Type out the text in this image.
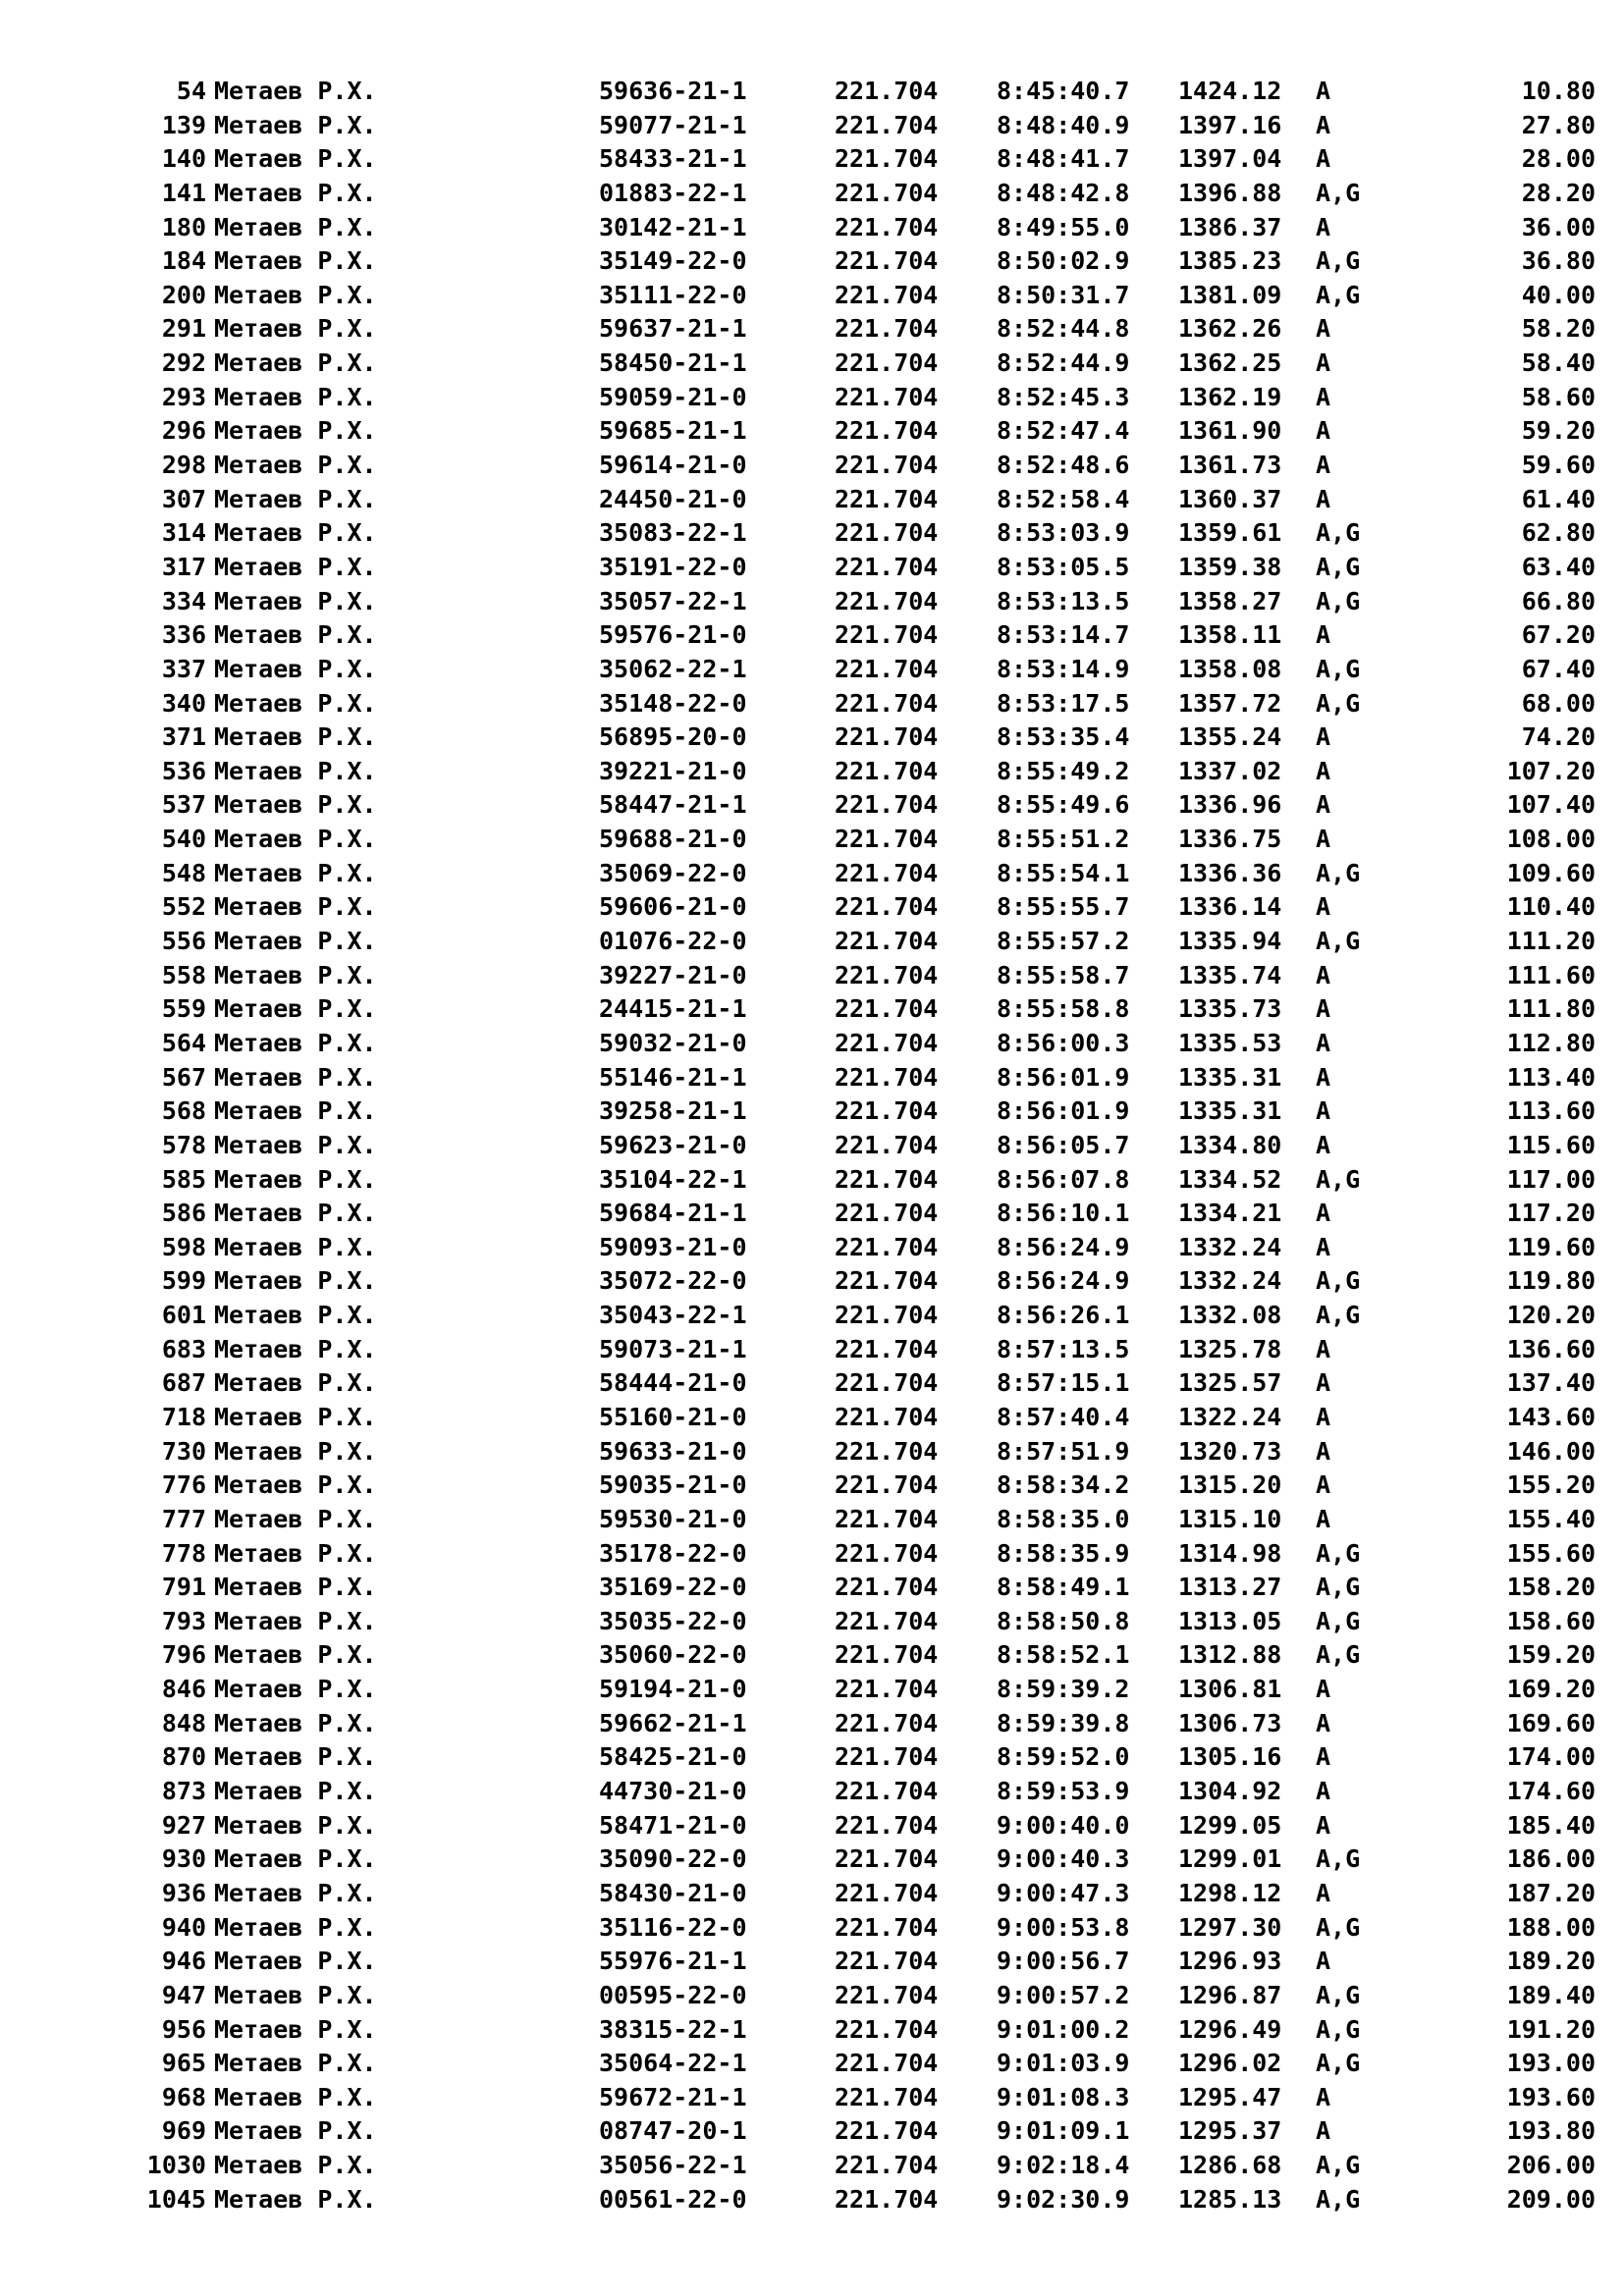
54 Метаев Р.Х.	59636-21-1	221.704 8:45:40.7 1424.12 A	10.80
139 Метаев Р.Х.	59077-21-1	221.704 8:48:40.9 1397.16 A	27.80
140 Метаев Р.Х.	58433-21-1	221.704 8:48:41.7 1397.04 A	28.00
141 Метаев Р.Х.	01883-22-1	221.704 8:48:42.8 1396.88 A,G	28.20
180 Метаев Р.Х.	30142-21-1	221.704 8:49:55.0 1386.37 A	36.00
184 Метаев Р.Х.	35149-22-0	221.704 8:50:02.9 1385.23 A,G	36.80
200 Метаев Р.Х.	35111-22-0	221.704 8:50:31.7 1381.09 A,G	40.00
291 Метаев Р.Х.	59637-21-1	221.704 8:52:44.8 1362.26 A	58.20
292 Метаев Р.Х.	58450-21-1	221.704 8:52:44.9 1362.25 A	58.40
293 Метаев Р.Х.	59059-21-0	221.704 8:52:45.3 1362.19 A	58.60
296 Метаев Р.Х.	59685-21-1	221.704 8:52:47.4 1361.90 A	59.20
298 Метаев Р.Х.	59614-21-0	221.704 8:52:48.6 1361.73 A	59.60
307 Метаев Р.Х.	24450-21-0	221.704 8:52:58.4 1360.37 A	61.40
314 Метаев Р.Х.	35083-22-1	221.704 8:53:03.9 1359.61 A,G	62.80
317 Метаев Р.Х.	35191-22-0	221.704 8:53:05.5 1359.38 A,G	63.40
334 Метаев Р.Х.	35057-22-1	221.704 8:53:13.5 1358.27 A,G	66.80
336 Метаев Р.Х.	59576-21-0	221.704 8:53:14.7 1358.11 A	67.20
337 Метаев Р.Х.	35062-22-1	221.704 8:53:14.9 1358.08 A,G	67.40
340 Метаев Р.Х.	35148-22-0	221.704 8:53:17.5 1357.72 A,G	68.00
371 Метаев Р.Х.	56895-20-0	221.704 8:53:35.4 1355.24 A	74.20
536 Метаев Р.Х.	39221-21-0	221.704 8:55:49.2 1337.02 A	107.20
537 Метаев Р.Х.	58447-21-1	221.704 8:55:49.6 1336.96 A	107.40
540 Метаев Р.Х.	59688-21-0	221.704 8:55:51.2 1336.75 A	108.00
548 Метаев Р.Х.	35069-22-0	221.704 8:55:54.1 1336.36 A,G	109.60
552 Метаев Р.Х.	59606-21-0	221.704 8:55:55.7 1336.14 A	110.40
556 Метаев Р.Х.	01076-22-0	221.704 8:55:57.2 1335.94 A,G	111.20
558 Метаев Р.Х.	39227-21-0	221.704 8:55:58.7 1335.74 A	111.60
559 Метаев Р.Х.	24415-21-1	221.704 8:55:58.8 1335.73 A	111.80
564 Метаев Р.Х.	59032-21-0	221.704 8:56:00.3 1335.53 A	112.80
567 Метаев Р.Х.	55146-21-1	221.704 8:56:01.9 1335.31 A	113.40
568 Метаев Р.Х.	39258-21-1	221.704 8:56:01.9 1335.31 A	113.60
578 Метаев Р.Х.	59623-21-0	221.704 8:56:05.7 1334.80 A	115.60
585 Метаев Р.Х.	35104-22-1	221.704 8:56:07.8 1334.52 A,G	117.00
586 Метаев Р.Х.	59684-21-1	221.704 8:56:10.1 1334.21 A	117.20
598 Метаев Р.Х.	59093-21-0	221.704 8:56:24.9 1332.24 A	119.60
599 Метаев Р.Х.	35072-22-0	221.704 8:56:24.9 1332.24 A,G	119.80
601 Метаев Р.Х.	35043-22-1	221.704 8:56:26.1 1332.08 A,G	120.20
683 Метаев Р.Х.	59073-21-1	221.704 8:57:13.5 1325.78 A	136.60
687 Метаев Р.Х.	58444-21-0	221.704 8:57:15.1 1325.57 A	137.40
718 Метаев Р.Х.	55160-21-0	221.704 8:57:40.4 1322.24 A	143.60
730 Метаев Р.Х.	59633-21-0	221.704 8:57:51.9 1320.73 A	146.00
776 Метаев Р.Х.	59035-21-0	221.704 8:58:34.2 1315.20 A	155.20
777 Метаев Р.Х.	59530-21-0	221.704 8:58:35.0 1315.10 A	155.40
778 Метаев Р.Х.	35178-22-0	221.704 8:58:35.9 1314.98 A,G	155.60
791 Метаев Р.Х.	35169-22-0	221.704 8:58:49.1 1313.27 A,G	158.20
793 Метаев Р.Х.	35035-22-0	221.704 8:58:50.8 1313.05 A,G	158.60
796 Метаев Р.Х.	35060-22-0	221.704 8:58:52.1 1312.88 A,G	159.20
846 Метаев Р.Х.	59194-21-0	221.704 8:59:39.2 1306.81 A	169.20
848 Метаев Р.Х.	59662-21-1	221.704 8:59:39.8 1306.73 A	169.60
870 Метаев Р.Х.	58425-21-0	221.704 8:59:52.0 1305.16 A	174.00
873 Метаев Р.Х.	44730-21-0	221.704 8:59:53.9 1304.92 A	174.60
927 Метаев Р.Х.	58471-21-0	221.704 9:00:40.0 1299.05 A	185.40
930 Метаев Р.Х.	35090-22-0	221.704 9:00:40.3 1299.01 A,G	186.00
936 Метаев Р.Х.	58430-21-0	221.704 9:00:47.3 1298.12 A	187.20
940 Метаев Р.Х.	35116-22-0	221.704 9:00:53.8 1297.30 A,G	188.00
946 Метаев Р.Х.	55976-21-1	221.704 9:00:56.7 1296.93 A	189.20
947 Метаев Р.Х.	00595-22-0	221.704 9:00:57.2 1296.87 A,G	189.40
956 Метаев Р.Х.	38315-22-1	221.704 9:01:00.2 1296.49 A,G	191.20
965 Метаев Р.Х.	35064-22-1	221.704 9:01:03.9 1296.02 A,G	193.00
968 Метаев Р.Х.	59672-21-1	221.704 9:01:08.3 1295.47 A	193.60
969 Метаев Р.Х.	08747-20-1	221.704 9:01:09.1 1295.37 A	193.80
1030 Метаев Р.Х.	35056-22-1	221.704 9:02:18.4 1286.68 A,G	206.00
1045 Метаев Р.Х.	00561-22-0	221.704 9:02:30.9 1285.13 A,G	209.00
